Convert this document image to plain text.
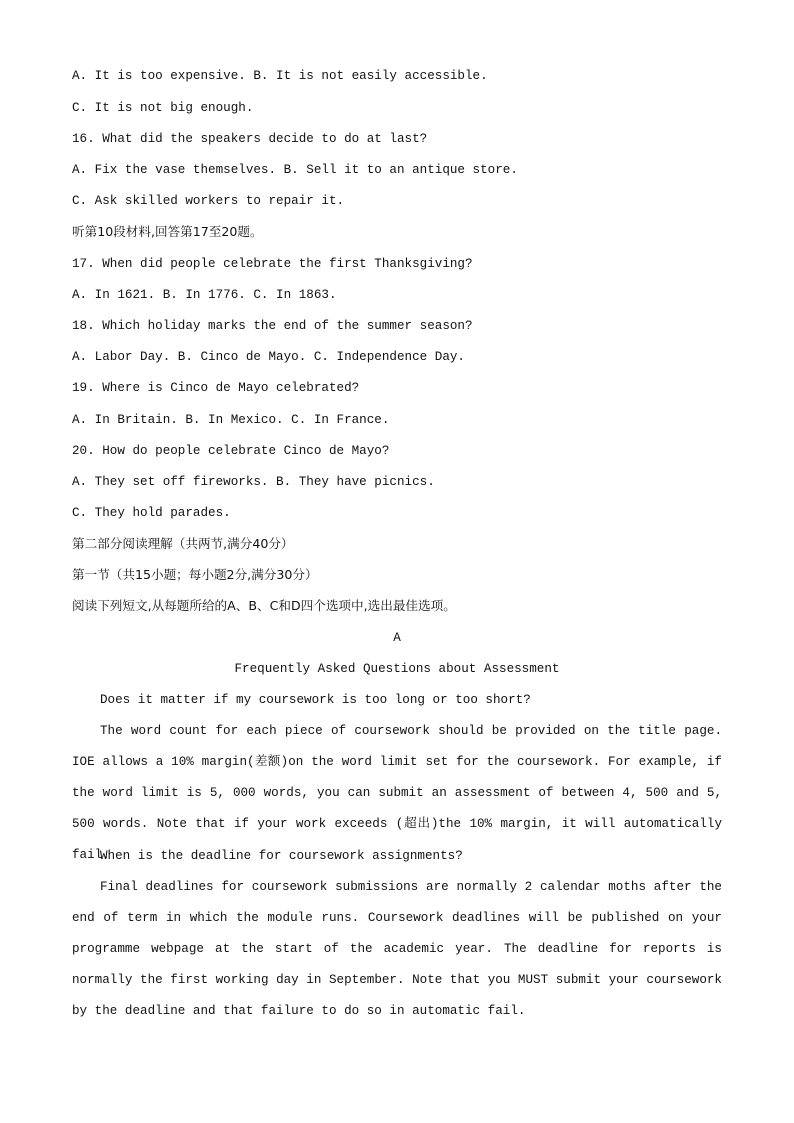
A. It is too expensive. B. It is not easily accessible.
C. It is not big enough.
16. What did the speakers decide to do at last?
A. Fix the vase themselves. B. Sell it to an antique store.
C. Ask skilled workers to repair it.
听第10段材料,回答第17至20题。
17. When did people celebrate the first Thanksgiving?
A. In 1621. B. In 1776. C. In 1863.
18. Which holiday marks the end of the summer season?
A. Labor Day. B. Cinco de Mayo. C. Independence Day.
19. Where is Cinco de Mayo celebrated?
A. In Britain. B. In Mexico. C. In France.
20. How do people celebrate Cinco de Mayo?
A. They set off fireworks. B. They have picnics.
C. They hold parades.
第二部分阅读理解（共两节,满分40分）
第一节（共15小题；每小题2分,满分30分）
阅读下列短文,从每题所给的A、B、C和D四个选项中,选出最佳选项。
A
Frequently Asked Questions about Assessment
Does it matter if my coursework is too long or too short?
The word count for each piece of coursework should be provided on the title page. IOE allows a 10% margin(差额)on the word limit set for the coursework. For example, if the word limit is 5, 000 words, you can submit an assessment of between 4, 500 and 5, 500 words. Note that if your work exceeds (超出)the 10% margin, it will automatically fail.
When is the deadline for coursework assignments?
Final deadlines for coursework submissions are normally 2 calendar moths after the end of term in which the module runs. Coursework deadlines will be published on your programme webpage at the start of the academic year. The deadline for reports is normally the first working day in September. Note that you MUST submit your coursework by the deadline and that failure to do so in automatic fail.
